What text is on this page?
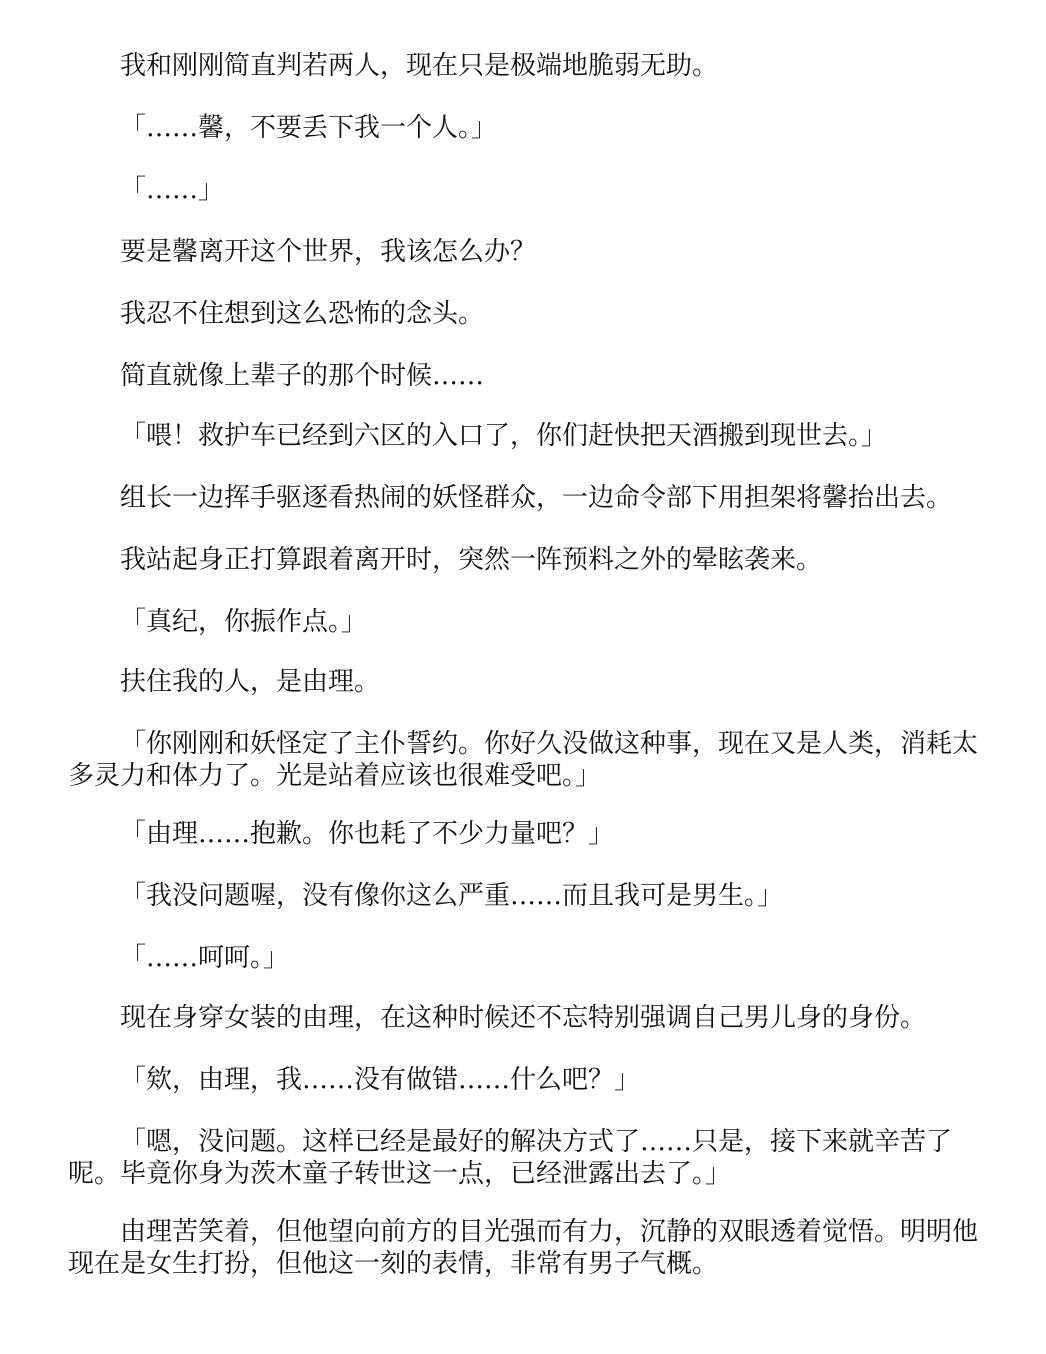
我和刚刚简直判若两人，现在只是极端地脆弱无助。

「……馨，不要丢下我一个人。」

「……」

要是馨离开这个世界，我该怎么办？

我忍不住想到这么恐怖的念头。

简直就像上辈子的那个时候……

「喂！救护车已经到六区的入口了，你们赶快把天酒搬到现世去。」

组长一边挥手驱逐看热闹的妖怪群众，一边命令部下用担架将馨抬出去。

我站起身正打算跟着离开时，突然一阵预料之外的晕眩袭来。

「真纪，你振作点。」

扶住我的人，是由理。

「你刚刚和妖怪定了主仆誓约。你好久没做这种事，现在又是人类，消耗太多灵力和体力了。光是站着应该也很难受吧。」

「由理……抱歉。你也耗了不少力量吧？」

「我没问题喔，没有像你这么严重……而且我可是男生。」

「……呵呵。」

现在身穿女装的由理，在这种时候还不忘特别强调自己男儿身的身份。

「欸，由理，我……没有做错……什么吧？」

「嗯，没问题。这样已经是最好的解决方式了……只是，接下来就辛苦了呢。毕竟你身为茨木童子转世这一点，已经泄露出去了。」

由理苦笑着，但他望向前方的目光强而有力，沉静的双眼透着觉悟。明明他现在是女生打扮，但他这一刻的表情，非常有男子气概。
